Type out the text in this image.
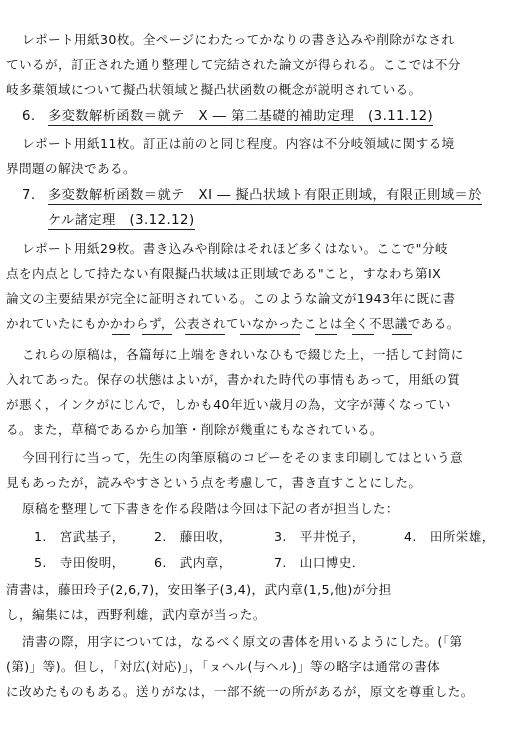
レポート用紙30枚。全ページにわたってかなりの書き込みや削除がなされ
ているが，訂正された通り整理して完結された論文が得られる。ここでは不分
岐多葉領域について擬凸状領域と擬凸状函数の概念が説明されている。
6. 多変数解析函数＝就テ　X ― 第二基礎的補助定理　(3.11.12)
レポート用紙11枚。訂正は前のと同じ程度。内容は不分岐領域に関する境
界問題の解決である。
7. 多変数解析函数＝就テ　XI ― 擬凸状域ト有限正則域，有限正則域＝於
ケル諸定理　(3.12.12)
レポート用紙29枚。書き込みや削除はそれほど多くはない。ここで"分岐
点を内点として持たない有限擬凸状域は正則域である"こと，すなわち第IX
論文の主要結果が完全に証明されている。このような論文が1943年に既に書
かれていたにもかかわらず，公表されていなかったことは全く不思議である。
これらの原稿は，各篇毎に上端をきれいなひもで綴じた上，一括して封筒に
入れてあった。保存の状態はよいが，書かれた時代の事情もあって，用紙の質
が悪く，インクがにじんで，しかも40年近い歳月の為，文字が薄くなってい
る。また，草稿であるから加筆・削除が幾重にもなされている。
今回刊行に当って，先生の肉筆原稿のコピーをそのまま印刷してはという意
見もあったが，読みやすさという点を考慮して，書き直すことにした。
原稿を整理して下書きを作る段階は今回は下記の者が担当した：
1.　宮武基子， 2.　藤田收，	3.　平井悦子，	4.　田所栄雄，
5.　寺田俊明， 6.　武内章，	7.　山口博史．
清書は，藤田玲子(2,6,7)，安田峯子(3,4)，武内章(1,5,他)が分担
し，編集には，西野利雄，武内章が当った。
清書の際，用字については，なるべく原文の書体を用いるようにした。(「第
(第)」等)。但し，「対広(対応)」，「ㇴヘル(与ヘル)」等の略字は通常の書体
に改めたものもある。送りがなは，一部不統一の所があるが，原文を尊重した。
